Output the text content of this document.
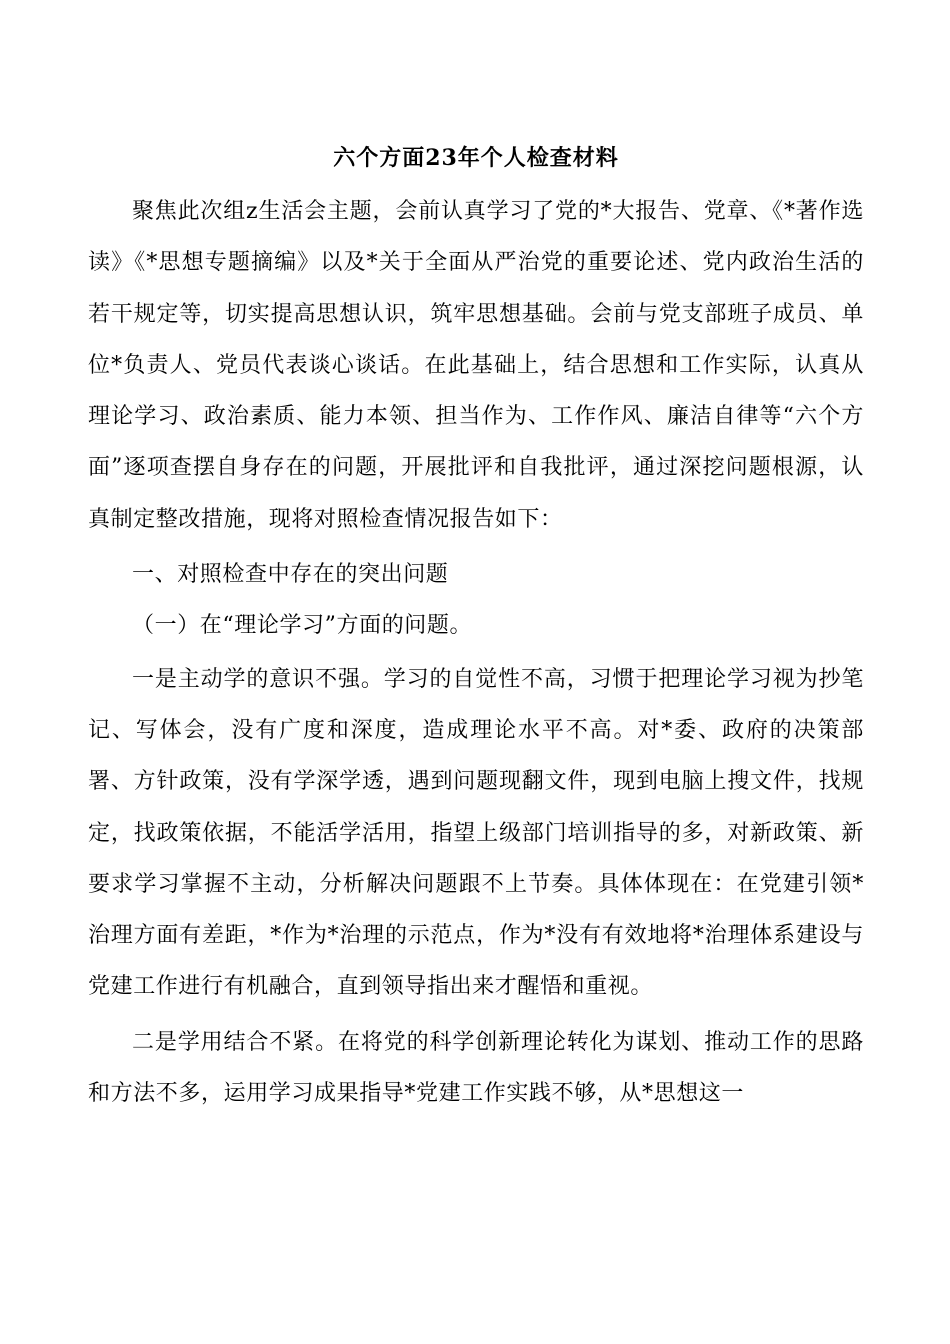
六个方面23年个人检查材料

聚焦此次组z生活会主题，会前认真学习了党的*大报告、党章、《*著作选读》《*思想专题摘编》以及*关于全面从严治党的重要论述、党内政治生活的若干规定等，切实提高思想认识，筑牢思想基础。会前与党支部班子成员、单位*负责人、党员代表谈心谈话。在此基础上，结合思想和工作实际，认真从理论学习、政治素质、能力本领、担当作为、工作作风、廉洁自律等“六个方面”逐项查摆自身存在的问题，开展批评和自我批评，通过深挖问题根源，认真制定整改措施，现将对照检查情况报告如下：

一、对照检查中存在的突出问题

（一）在“理论学习”方面的问题。

一是主动学的意识不强。学习的自觉性不高，习惯于把理论学习视为抄笔记、写体会，没有广度和深度，造成理论水平不高。对*委、政府的决策部署、方针政策，没有学深学透，遇到问题现翻文件，现到电脑上搜文件，找规定，找政策依据，不能活学活用，指望上级部门培训指导的多，对新政策、新要求学习掌握不主动，分析解决问题跟不上节奏。具体体现在：在党建引领*治理方面有差距，*作为*治理的示范点，作为*没有有效地将*治理体系建设与党建工作进行有机融合，直到领导指出来才醒悟和重视。

二是学用结合不紧。在将党的科学创新理论转化为谋划、推动工作的思路和方法不多，运用学习成果指导*党建工作实践不够，从*思想这一
